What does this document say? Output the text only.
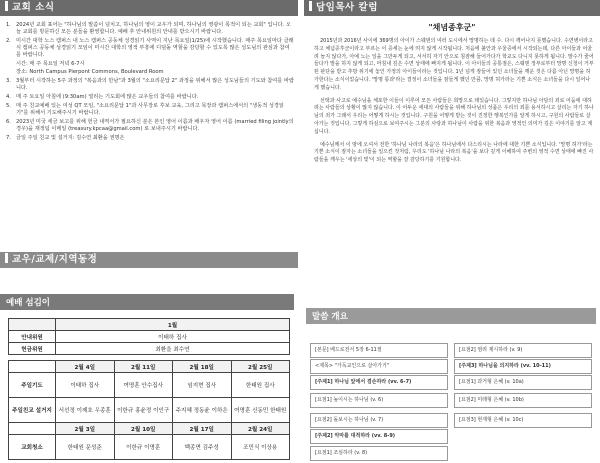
교회 소식
1. 2024년 교회 표어는 "하나님의 말씀이 넘치고, 하나님의 영이 교우가 되며, 하나님의 영광이 목적이 되는 교회" 입니다. 오늘 교회를 방문하신 모든 분들을 환영합니다. 예배 후 안내위원의 안내를 받으시기 바랍니다.
2. 미시간 대학 노스 캠퍼스 내 노스 캠퍼스 공동체 성경읽기 사역이 지난 목요일(1/25)에 시작했습니다. 매주 목요일마다 클래식 캠퍼스 공동체 성경읽기 모임이 미시간 대학의 영적 부흥에 디딤돌 역할을 감당할 수 있도록 많은 성도님의 관심과 참여를 바랍니다.
시간: 매 주 목요일 저녁 6-7시
장소: North Campus Pierpont Commons, Boulevard Room
3. 3월부터 시작하는 5주 과정의 "복음과의 만남"과 3월의 "소요리문답 2" 과정을 위해서 많은 성도님들의 기도와 참여를 바랍니다.
4. 매 주 토요일 아침에 (9:30am) 열리는 기도회에 많은 교우들의 참여를 바랍니다.
5. 매 주 친교예배 있는 여성 QT 모임, "소요리문답 1"과 사무장로 후보 교육, 그리고 목장과 캠퍼스에서의 "생동적 성경읽기"를 위해서 기도해주시기 바랍니다.
6. 2023년 미국 세금 보고를 위해 헌금 내역서가 필요하신 분은 본인 영어 이름과 배우자 영어 이름 (married filing jointly의 경우)을 재정팀 이메일 (treasury.kpcaa@gmail.com) 로 보내주시기 바랍니다.
7. 금일 주일 친교 및 설거지: 김수연 최환을 권명은
교우/교제/지역동정
예배 섬김이
	1월			
안내위원	이태하 집사			
헌금위원	최환을 최수연			

	2월 4일	2월 11일	2월 18일	2월 25일
주일기도	이태하 집사	여명훈 안수집사	임지현 집사	한태원 집사
주일친교 설거지	서선정 이제호 우종훈	이한규 홍윤정 이인구	주지혜 정동윤 이하은	여명훈 신동민 한태원
	2월 3일	2월 10일	2월 17일	2월 24일
교회청소	한태원 문성준	이한규 이명훈	백종면 김주성	조민식 이상용
담임목사 칼럼
"채념종후군"

2015년과 2016년 사이에 369명의 아이가 스웨덴의 여러 도시에서 망명하는 데 수. 다시 깨어나지 못했습니다. 수면병이라고 하고 체념증후군이라고 부르는 이 증세는 눈에 띄지 않게 시작됩니다. 처음에 불안과 우울증에서 시작되는데, 다른 아이들과 어울려 놀지 않다가, 아예 노는 일을 그만두게 되고, 서서히 자기 안으로 침잠해 들어가다가 학교도 다니지 못하게 됩니다. 말수가 줄어들다가 말을 하지 않게 되고, 마침내 깊은 수면 상태에 빠지게 됩니다. 이 아이들의 공통점은, 스웨덴 정부로부터 망명 신청이 거부된 판단을 받고 추방 위기에 놓인 가정의 아이들이라는 것입니다. 1년 넘게 잠들어 있던 소녀들을 깨운 것은 다름 아닌 망명을 허가한다는 소식이었습니다. '망명 통과'라는 결정이 소녀들을 잠들게 했던 만큼, 망명 허가라는 기쁜 소식은 소녀들을 다시 일어나게 했습니다.

선택과 사고로 예수님을 체포한 이들이 이루어 모든 사람들은 희망으로 돼있습니다. 그렇지만 하나님 아담의 죄로 어둠에 대하려는 사람들의 상황이 많지 않습니다. 이 어두운 세대의 사람들을 위해 하나님의 성품은 우리의 죄를 용서하시고 살리는 자기 하나님의 죄가 그래서 우리는 어떻게 하시는 것입니다. 구원을 어떻게 받는 것이 진정한 행복인가를 알게 하시고, 구원의 사람들로 살아가는 것입니다. 그렇게 하심으로 보여주시는 그분의 사랑과 하나님이 사람을 위한 복음과 영적인 의미가 깊은 이야기를 알고 계십니다.

예수님께서 이 땅에 오셔서 전한 '하나님 나라의 복음'은 하나님에서 다스리시는 나라에 대한 기쁜 소식입니다. '망명 허가'라는 기쁜 소식이 잠자는 소녀들을 일으킨 것처럼, 우리도 '하나님 나라의 복음'을 보다 깊게 이해하여 주변의 영적 수면 상태에 빠진 사람들을 깨우는 '세상의 빛'이 되는 역할을 잘 감당하기를 기원합니다.

말씀 개요
[본문] 베드로전서 5장 6-11절	[요점2] 염려 제시하라 (v. 9)
<제목> "가독교인으로 살아가기"	[주제3] 하나님을 의지하라 (vv. 10-11)
[주제1] 하나님 앞에서 겸손하라 (vv. 6-7)	[요점1] 과거형 은혜 (v. 10a)
[요점1] 높이시는 하나님 (v. 6)	[요점2] 미래형 은혜 (v. 10b)
[요점2] 돌보시는 하나님 (v. 7)	[요점3] 현재형 은혜 (v. 10c)
[주제2] 악마를 대적하라 (vv. 8-9)
[요점1] 조심하라 (v. 8)
